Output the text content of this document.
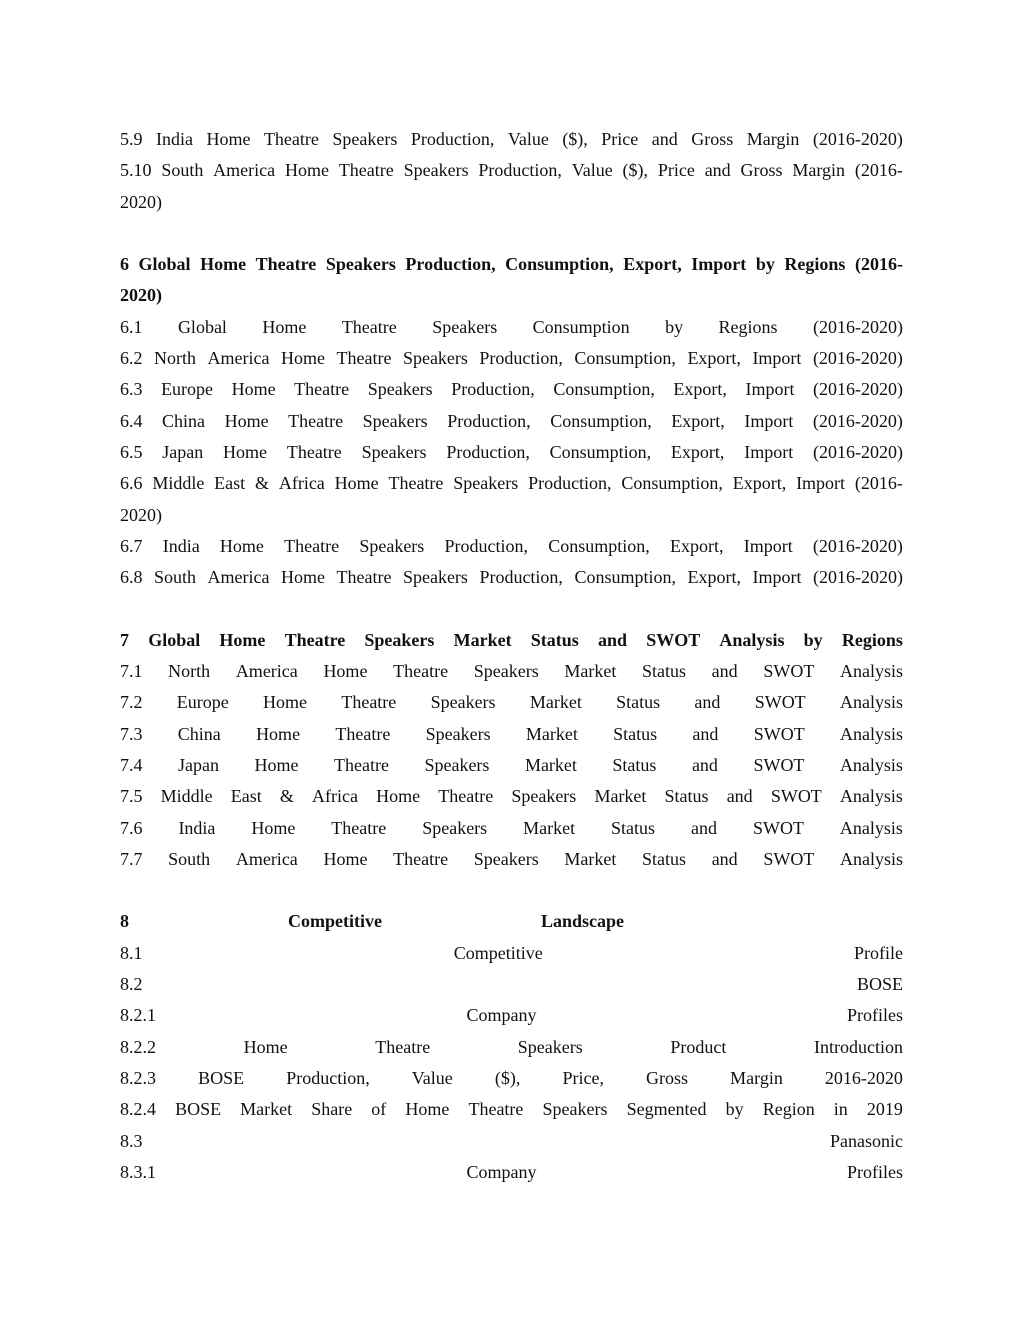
5.9 India Home Theatre Speakers Production, Value ($), Price and Gross Margin (2016-2020)
5.10 South America Home Theatre Speakers Production, Value ($), Price and Gross Margin (2016-
2020)
6 Global Home Theatre Speakers Production, Consumption, Export, Import by Regions (2016-
2020)
6.1 Global Home Theatre Speakers Consumption by Regions (2016-2020)
6.2 North America Home Theatre Speakers Production, Consumption, Export, Import (2016-2020)
6.3 Europe Home Theatre Speakers Production, Consumption, Export, Import (2016-2020)
6.4 China Home Theatre Speakers Production, Consumption, Export, Import (2016-2020)
6.5 Japan Home Theatre Speakers Production, Consumption, Export, Import (2016-2020)
6.6 Middle East & Africa Home Theatre Speakers Production, Consumption, Export, Import (2016-
2020)
6.7 India Home Theatre Speakers Production, Consumption, Export, Import (2016-2020)
6.8 South America Home Theatre Speakers Production, Consumption, Export, Import (2016-2020)
7 Global Home Theatre Speakers Market Status and SWOT Analysis by Regions
7.1 North America Home Theatre Speakers Market Status and SWOT Analysis
7.2 Europe Home Theatre Speakers Market Status and SWOT Analysis
7.3 China Home Theatre Speakers Market Status and SWOT Analysis
7.4 Japan Home Theatre Speakers Market Status and SWOT Analysis
7.5 Middle East & Africa Home Theatre Speakers Market Status and SWOT Analysis
7.6 India Home Theatre Speakers Market Status and SWOT Analysis
7.7 South America Home Theatre Speakers Market Status and SWOT Analysis
8	Competitive	Landscape
8.1	Competitive	Profile
8.2	BOSE
8.2.1	Company	Profiles
8.2.2	Home	Theatre	Speakers	Product	Introduction
8.2.3 BOSE Production, Value ($), Price, Gross Margin 2016-2020
8.2.4 BOSE Market Share of Home Theatre Speakers Segmented by Region in 2019
8.3	Panasonic
8.3.1	Company	Profiles
